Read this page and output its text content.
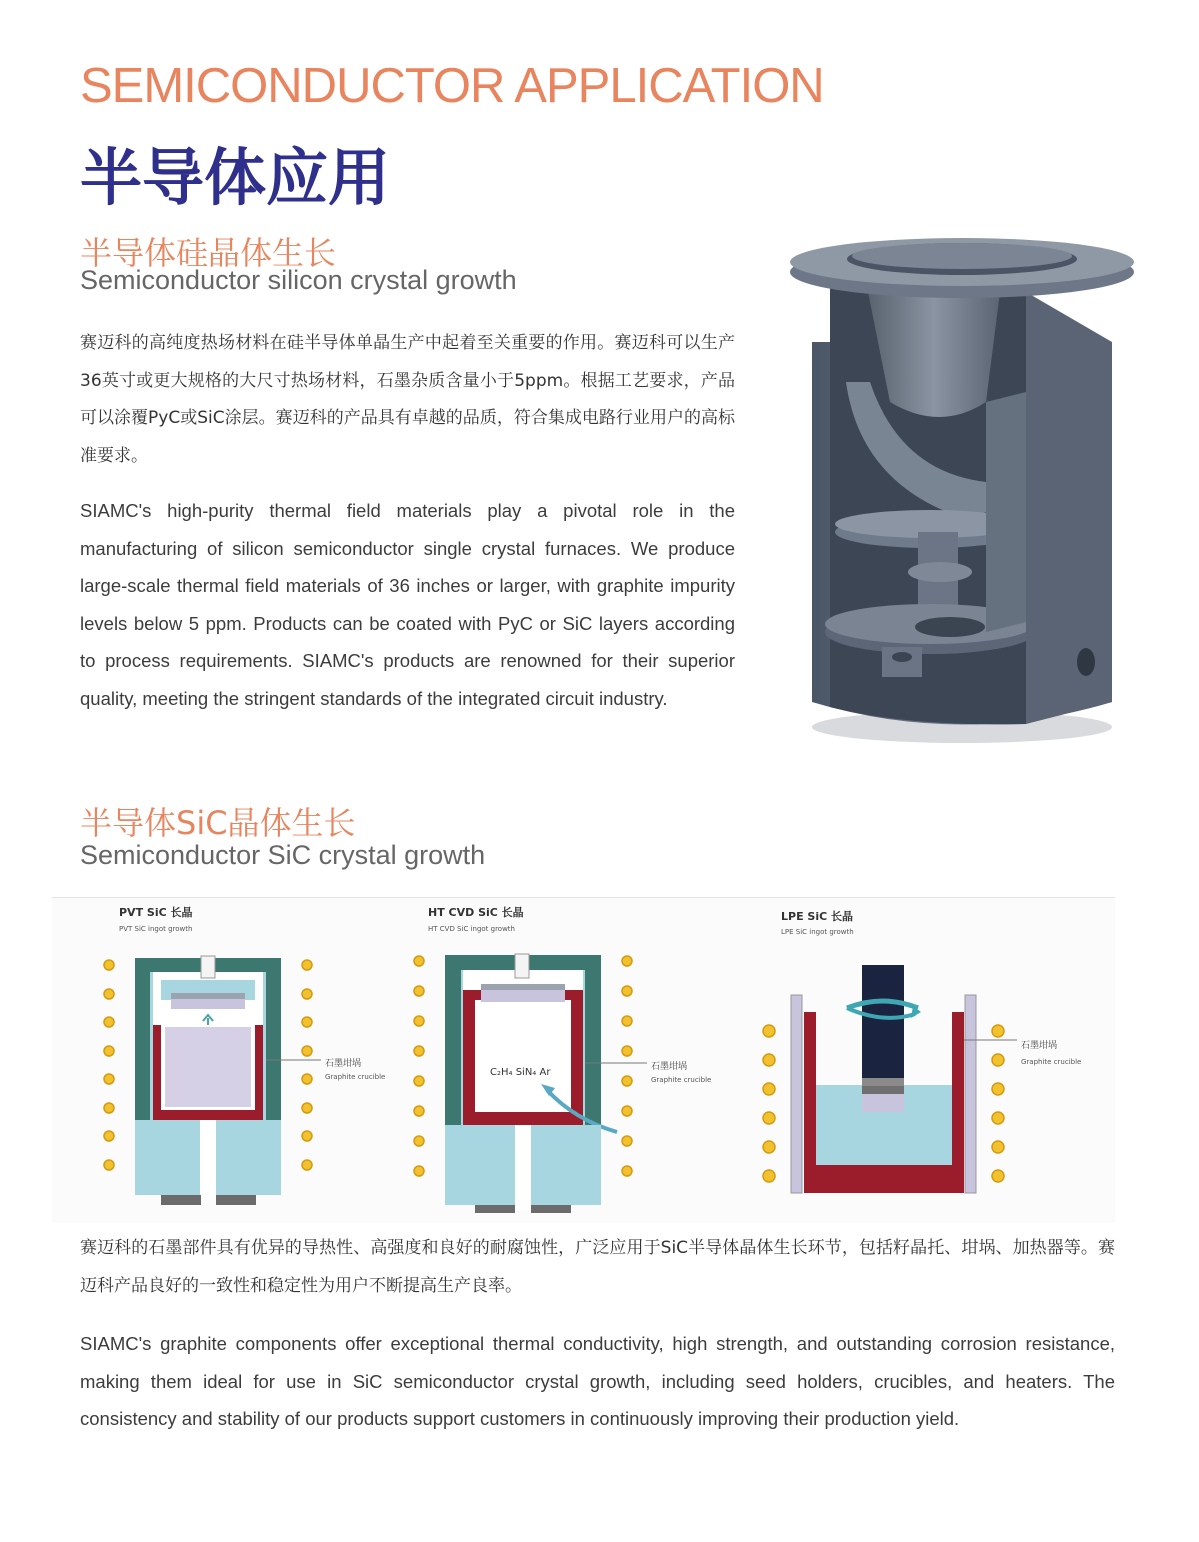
SEMICONDUCTOR APPLICATION
半导体应用
半导体硅晶体生长
Semiconductor silicon crystal growth
赛迈科的高纯度热场材料在硅半导体单晶生产中起着至关重要的作用。赛迈科可以生产36英寸或更大规格的大尺寸热场材料，石墨杂质含量小于5ppm。根据工艺要求，产品可以涂覆PyC或SiC涂层。赛迈科的产品具有卓越的品质，符合集成电路行业用户的高标准要求。
SIAMC's high-purity thermal field materials play a pivotal role in the manufacturing of silicon semiconductor single crystal furnaces. We produce large-scale thermal field materials of 36 inches or larger, with graphite impurity levels below 5 ppm. Products can be coated with PyC or SiC layers according to process requirements. SIAMC's products are renowned for their superior quality, meeting the stringent standards of the integrated circuit industry.
半导体SiC晶体生长
Semiconductor SiC crystal growth
PVT SiC 长晶
PVT SiC ingot growth
石墨坩埚
Graphite crucible
HT CVD SiC 长晶
HT CVD SiC ingot growth
C₂H₄ SiN₄ Ar	石墨坩埚
Graphite crucible
LPE SiC 长晶
LPE SiC ingot growth
石墨坩埚
Graphite crucible
赛迈科的石墨部件具有优异的导热性、高强度和良好的耐腐蚀性，广泛应用于SiC半导体晶体生长环节，包括籽晶托、坩埚、加热器等。赛迈科产品良好的一致性和稳定性为用户不断提高生产良率。
SIAMC's graphite components offer exceptional thermal conductivity, high strength, and outstanding corrosion resistance, making them ideal for use in SiC semiconductor crystal growth, including seed holders, crucibles, and heaters. The consistency and stability of our products support customers in continuously improving their production yield.
